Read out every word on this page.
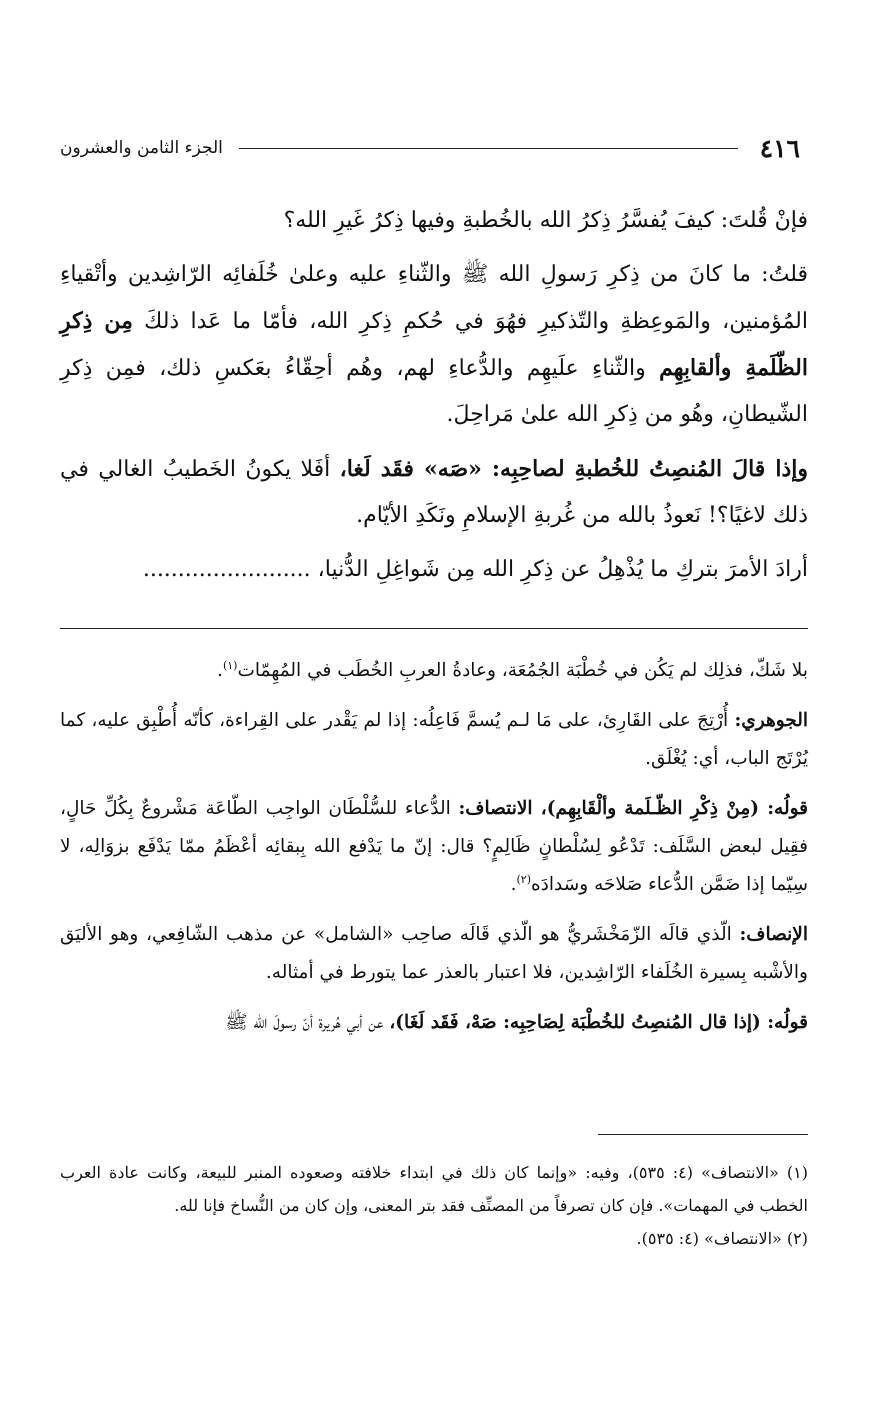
٤١٦
الجزء الثامن والعشرون

فإنْ قُلتَ: كيفَ يُفسَّرُ ذِكرُ الله بالخُطبةِ وفيها ذِكرُ غَيرِ الله؟

قلتُ: ما كانَ من ذِكرِ رَسولِ الله ﷺ والثّناءِ عليه وعلىٰ خُلَفائِه الرّاشِدين وأتْقياءِ المُؤمنين، والمَوعِظةِ والتّذكيرِ فهُوَ في حُكمِ ذِكرِ الله، فأمّا ما عَدا ذلكَ مِن ذِكرِ الظّلَمةِ وألقابِهِم والثّناءِ علَيهِم والدُّعاءِ لهم، وهُم أحِقّاءُ بعَكسِ ذلك، فمِن ذِكرِ الشّيطانِ، وهُو من ذِكرِ الله علىٰ مَراحِلَ.

وإذا قالَ المُنصِتُ للخُطبةِ لصاحِبِه: «صَه» فقَد لَغا، أفَلا يكونُ الخَطيبُ الغالي في ذلك لاغيًا؟! نَعوذُ بالله من غُربةِ الإسلامِ ونَكَدِ الأيّام.

أرادَ الأمرَ بتركِ ما يُذْهِلُ عن ذِكرِ الله مِن شَواغِلِ الدُّنيا، ........................

بلا شَكّ، فذلِك لم يَكُن في خُطْبَة الجُمُعَة، وعادةُ العربِ الخُطَب في المُهِمّات$^{(١)}$.

الجوهري: أُرْتِجَ على القَارِئ، على مَا لـم يُسمَّ فَاعِلُه: إذا لم يَقْدر على القِراءة، كأنّه أُطْبِق عليه، كما يُرْتَج الباب، أي: يُغْلَق.

قولُه: (مِنْ ذِكْرِ الظّـلَمة وألْقَابِهِم)، الانتصاف: الدُّعاء للسُّلْطَان الواجِب الطّاعَة مَشْروعٌ بِكُلِّ حَالٍ، فقِيل لبعض السَّلَف: تَدْعُو لِسُلْطانٍ ظَالِمٍ؟ قال: إنّ ما يَدْفع الله بِبقائِه أعْظَمُ ممّا يَدْفَع بزوَالِه، لا سِيّما إذا ضَمَّن الدُّعاء صَلاحَه وسَدادَه$^{(٢)}$.

الإنصاف: الّذي قالَه الزّمَخْشَريُّ هو الّذي قَالَه صاحِب «الشامل» عن مذهب الشّافِعي، وهو الأليَق والأشْبه بِسيرة الخُلَفاء الرّاشِدين، فلا اعتبار بالعذر عما يتورط في أمثاله.

قولُه: (إذا قال المُنصِتُ للخُطْبَة لِصَاحِبِه: صَهْ، فَقَد لَغَا)، عن أبي هُريرة أنّ رسولَ الله ﷺ

(١) «الانتصاف» (٤: ٥٣٥)، وفيه: «وإنما كان ذلك في ابتداء خلافته وصعوده المنبر للبيعة، وكانت عادة العرب الخطب في المهمات». فإن كان تصرفاً من المصنِّف فقد بتر المعنى، وإن كان من النُّساخ فإنا لله.

(٢) «الانتصاف» (٤: ٥٣٥).
